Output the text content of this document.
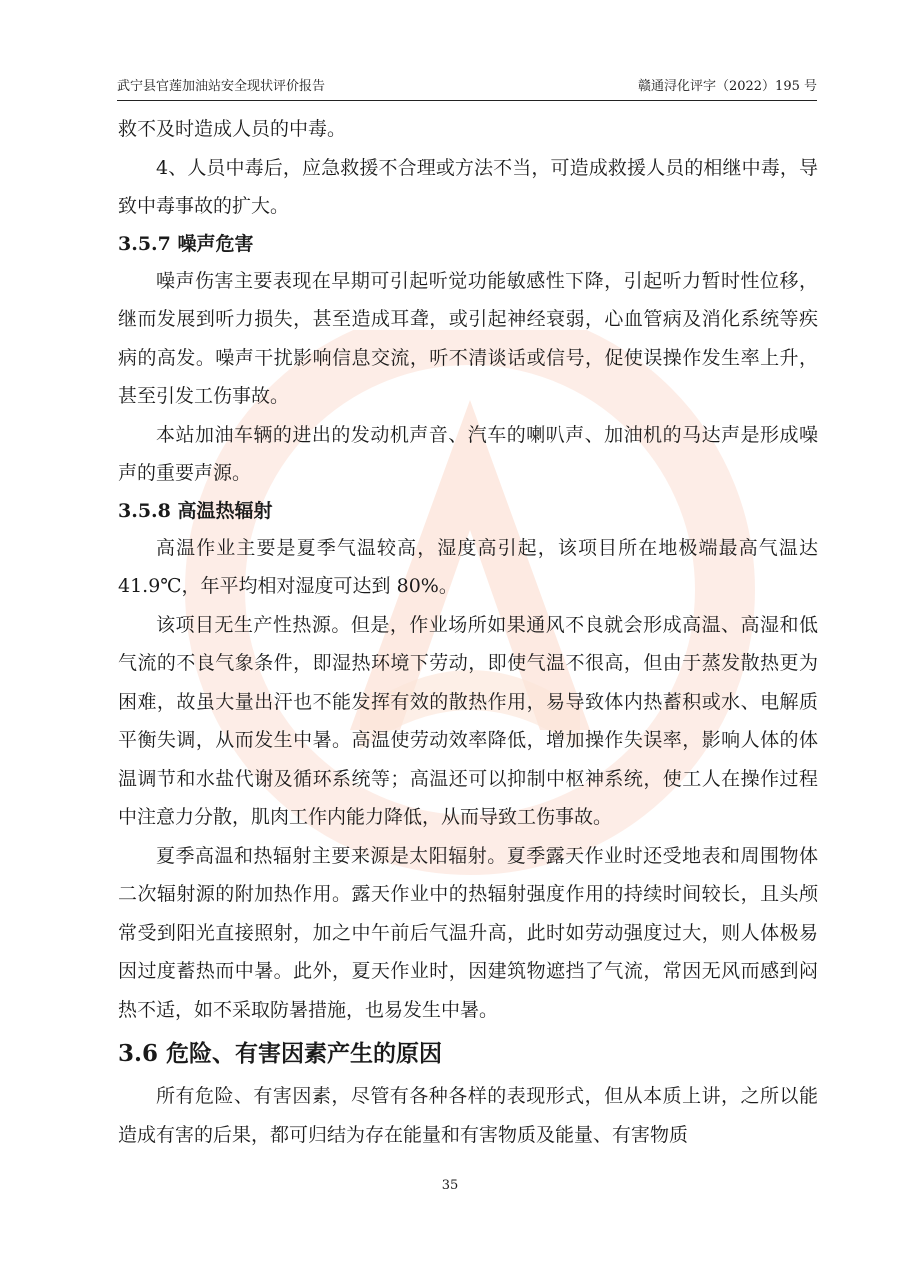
武宁县官莲加油站安全现状评价报告	赣通浔化评字（2022）195 号

救不及时造成人员的中毒。

4、人员中毒后，应急救援不合理或方法不当，可造成救援人员的相继中毒，导致中毒事故的扩大。

3.5.7 噪声危害

噪声伤害主要表现在早期可引起听觉功能敏感性下降，引起听力暂时性位移，继而发展到听力损失，甚至造成耳聋，或引起神经衰弱，心血管病及消化系统等疾病的高发。噪声干扰影响信息交流，听不清谈话或信号，促使误操作发生率上升，甚至引发工伤事故。

本站加油车辆的进出的发动机声音、汽车的喇叭声、加油机的马达声是形成噪声的重要声源。

3.5.8 高温热辐射

高温作业主要是夏季气温较高，湿度高引起，该项目所在地极端最高气温达 41.9℃，年平均相对湿度可达到 80%。

该项目无生产性热源。但是，作业场所如果通风不良就会形成高温、高湿和低气流的不良气象条件，即湿热环境下劳动，即使气温不很高，但由于蒸发散热更为困难，故虽大量出汗也不能发挥有效的散热作用，易导致体内热蓄积或水、电解质平衡失调，从而发生中暑。高温使劳动效率降低，增加操作失误率，影响人体的体温调节和水盐代谢及循环系统等；高温还可以抑制中枢神系统，使工人在操作过程中注意力分散，肌肉工作内能力降低，从而导致工伤事故。

夏季高温和热辐射主要来源是太阳辐射。夏季露天作业时还受地表和周围物体二次辐射源的附加热作用。露天作业中的热辐射强度作用的持续时间较长，且头颅常受到阳光直接照射，加之中午前后气温升高，此时如劳动强度过大，则人体极易因过度蓄热而中暑。此外，夏天作业时，因建筑物遮挡了气流，常因无风而感到闷热不适，如不采取防暑措施，也易发生中暑。

3.6 危险、有害因素产生的原因

所有危险、有害因素，尽管有各种各样的表现形式，但从本质上讲，之所以能造成有害的后果，都可归结为存在能量和有害物质及能量、有害物质

35
